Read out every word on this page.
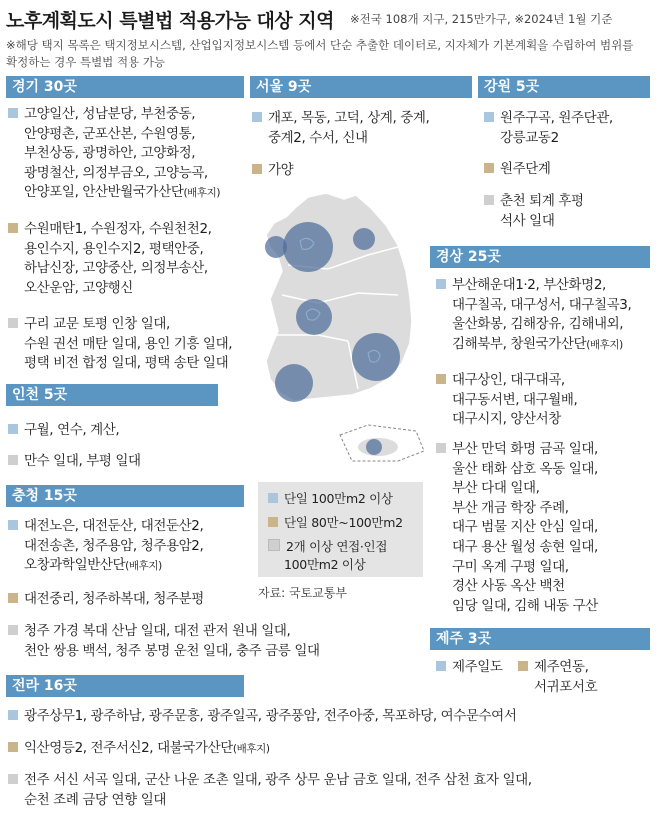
노후계획도시 특별법 적용가능 대상 지역 ※전국 108개 지구, 215만가구, ※2024년 1월 기준
※해당 택지 목록은 택지정보시스템, 산업입지정보시스템 등에서 단순 추출한 데이터로, 지자체가 기본계획을 수립하여 범위를 확정하는 경우 특별법 적용 가능
경기 30곳
고양일산, 성남분당, 부천중동,
안양평촌, 군포산본, 수원영통,
부천상동, 광명하안, 고양화정,
광명철산, 의정부금오, 고양능곡,
안양포일, 안산반월국가산단(배후지)
수원매탄1, 수원정자, 수원천천2,
용인수지, 용인수지2, 평택안중,
하남신장, 고양중산, 의정부송산,
오산운암, 고양행신
구리 교문 토평 인창 일대,
수원 권선 매탄 일대, 용인 기흥 일대,
평택 비전 합정 일대, 평택 송탄 일대
인천 5곳
구월, 연수, 계산,
만수 일대, 부평 일대
충청 15곳
대전노은, 대전둔산, 대전둔산2,
대전송촌, 청주용암, 청주용암2,
오창과학일반산단(배후지)
대전중리, 청주하복대, 청주분평
청주 가경 복대 산남 일대, 대전 관저 원내 일대,
천안 쌍용 백석, 청주 봉명 운천 일대, 충주 금릉 일대
전라 16곳
광주상무1, 광주하남, 광주문흥, 광주일곡, 광주풍암, 전주아중, 목포하당, 여수문수여서
익산영등2, 전주서신2, 대불국가산단(배후지)
전주 서신 서곡 일대, 군산 나운 조촌 일대, 광주 상무 운남 금호 일대, 전주 삼천 효자 일대,
순천 조례 금당 연향 일대
서울 9곳
개포, 목동, 고덕, 상계, 중계,
중계2, 수서, 신내
가양
강원 5곳
원주구곡, 원주단관,
강릉교동2
원주단계
춘천 퇴계 후평
석사 일대
경상 25곳
부산해운대1·2, 부산화명2,
대구칠곡, 대구성서, 대구칠곡3,
울산화봉, 김해장유, 김해내외,
김해북부, 창원국가산단(배후지)
대구상인, 대구대곡,
대구동서변, 대구월배,
대구시지, 양산서창
부산 만덕 화명 금곡 일대,
울산 태화 삼호 옥동 일대,
부산 다대 일대,
부산 개금 학장 주례,
대구 범물 지산 안심 일대,
대구 용산 월성 송현 일대,
구미 옥계 구평 일대,
경산 사동 옥산 백천
임당 일대, 김해 내동 구산
제주 3곳
제주일도	제주연동,
서귀포서호
단일 100만m2 이상
단일 80만~100만m2
2개 이상 연접·인접
100만m2 이상
자료: 국토교통부
